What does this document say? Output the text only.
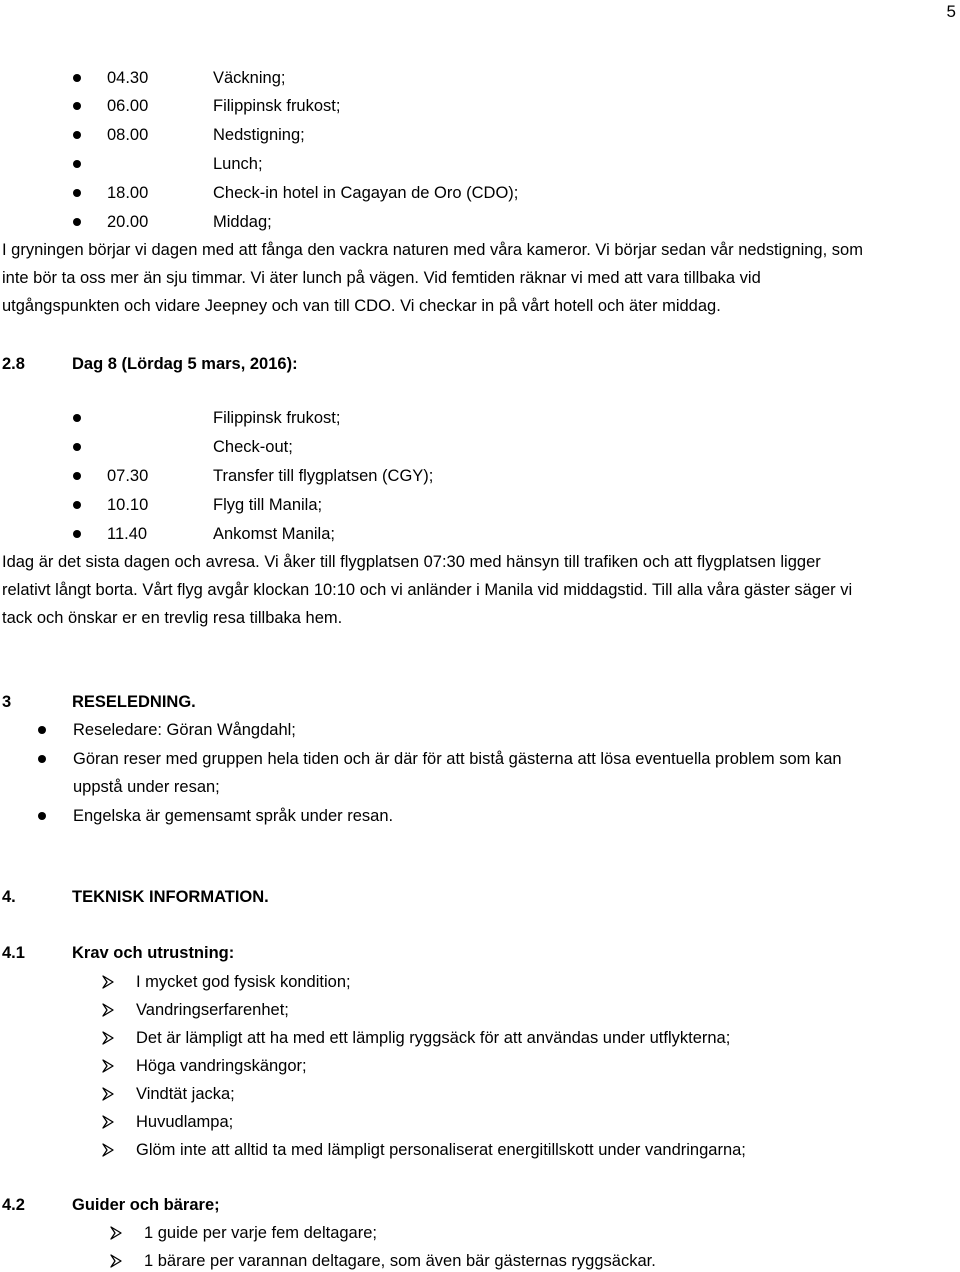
5
04.30	Väckning;
06.00	Filippinsk frukost;
08.00	Nedstigning;
Lunch;
18.00	Check-in hotel in Cagayan de Oro (CDO);
20.00	Middag;
I gryningen börjar vi dagen med att fånga den vackra naturen med våra kameror. Vi börjar sedan vår nedstigning, som
inte bör ta oss mer än sju timmar. Vi äter lunch på vägen. Vid femtiden räknar vi med att vara tillbaka vid
utgångspunkten och vidare Jeepney och van till CDO. Vi checkar in på vårt hotell och äter middag.
2.8	Dag 8 (Lördag 5 mars, 2016):
Filippinsk frukost;
Check-out;
07.30	Transfer till flygplatsen (CGY);
10.10	Flyg till Manila;
11.40	Ankomst Manila;
Idag är det sista dagen och avresa. Vi åker till flygplatsen 07:30 med hänsyn till trafiken och att flygplatsen ligger
relativt långt borta. Vårt flyg avgår klockan 10:10 och vi anländer i Manila vid middagstid. Till alla våra gäster säger vi
tack och önskar er en trevlig resa tillbaka hem.
3	RESELEDNING.
Reseledare: Göran Wångdahl;
Göran reser med gruppen hela tiden och är där för att bistå gästerna att lösa eventuella problem som kan
uppstå under resan;
Engelska är gemensamt språk under resan.
4.	TEKNISK INFORMATION.
4.1	Krav och utrustning:
I mycket god fysisk kondition;
Vandringserfarenhet;
Det är lämpligt att ha med ett lämplig ryggsäck för att användas under utflykterna;
Höga vandringskängor;
Vindtät jacka;
Huvudlampa;
Glöm inte att alltid ta med lämpligt personaliserat energitillskott under vandringarna;
4.2	Guider och bärare;
1 guide per varje fem deltagare;
1 bärare per varannan deltagare, som även bär gästernas ryggsäckar.
